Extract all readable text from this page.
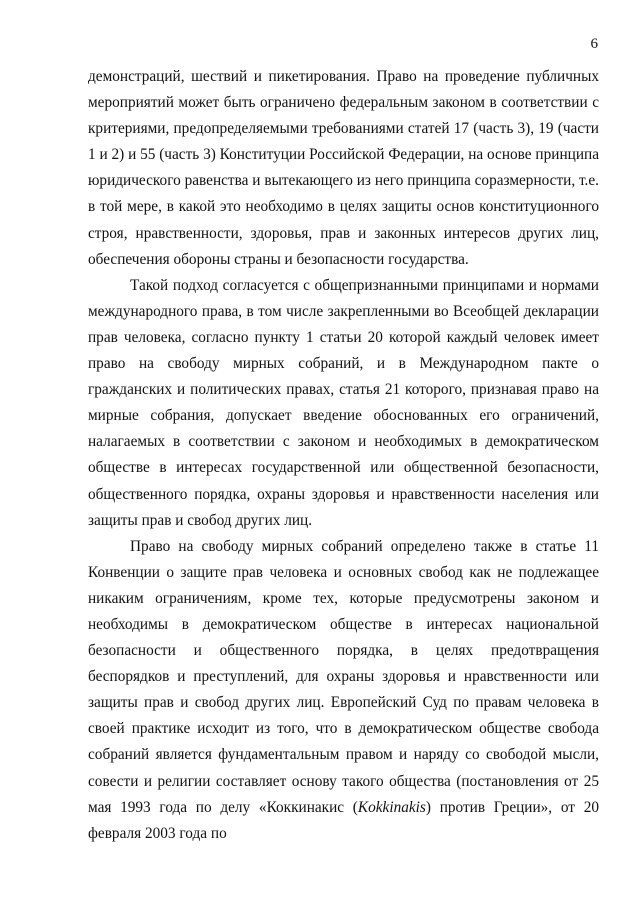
6

демонстраций, шествий и пикетирования. Право на проведение публичных мероприятий может быть ограничено федеральным законом в соответствии с критериями, предопределяемыми требованиями статей 17 (часть 3), 19 (части 1 и 2) и 55 (часть 3) Конституции Российской Федерации, на основе принципа юридического равенства и вытекающего из него принципа соразмерности, т.е. в той мере, в какой это необходимо в целях защиты основ конституционного строя, нравственности, здоровья, прав и законных интересов других лиц, обеспечения обороны страны и безопасности государства.

Такой подход согласуется с общепризнанными принципами и нормами международного права, в том числе закрепленными во Всеобщей декларации прав человека, согласно пункту 1 статьи 20 которой каждый человек имеет право на свободу мирных собраний, и в Международном пакте о гражданских и политических правах, статья 21 которого, признавая право на мирные собрания, допускает введение обоснованных его ограничений, налагаемых в соответствии с законом и необходимых в демократическом обществе в интересах государственной или общественной безопасности, общественного порядка, охраны здоровья и нравственности населения или защиты прав и свобод других лиц.

Право на свободу мирных собраний определено также в статье 11 Конвенции о защите прав человека и основных свобод как не подлежащее никаким ограничениям, кроме тех, которые предусмотрены законом и необходимы в демократическом обществе в интересах национальной безопасности и общественного порядка, в целях предотвращения беспорядков и преступлений, для охраны здоровья и нравственности или защиты прав и свобод других лиц. Европейский Суд по правам человека в своей практике исходит из того, что в демократическом обществе свобода собраний является фундаментальным правом и наряду со свободой мысли, совести и религии составляет основу такого общества (постановления от 25 мая 1993 года по делу «Коккинакис (Kokkinakis) против Греции», от 20 февраля 2003 года по
